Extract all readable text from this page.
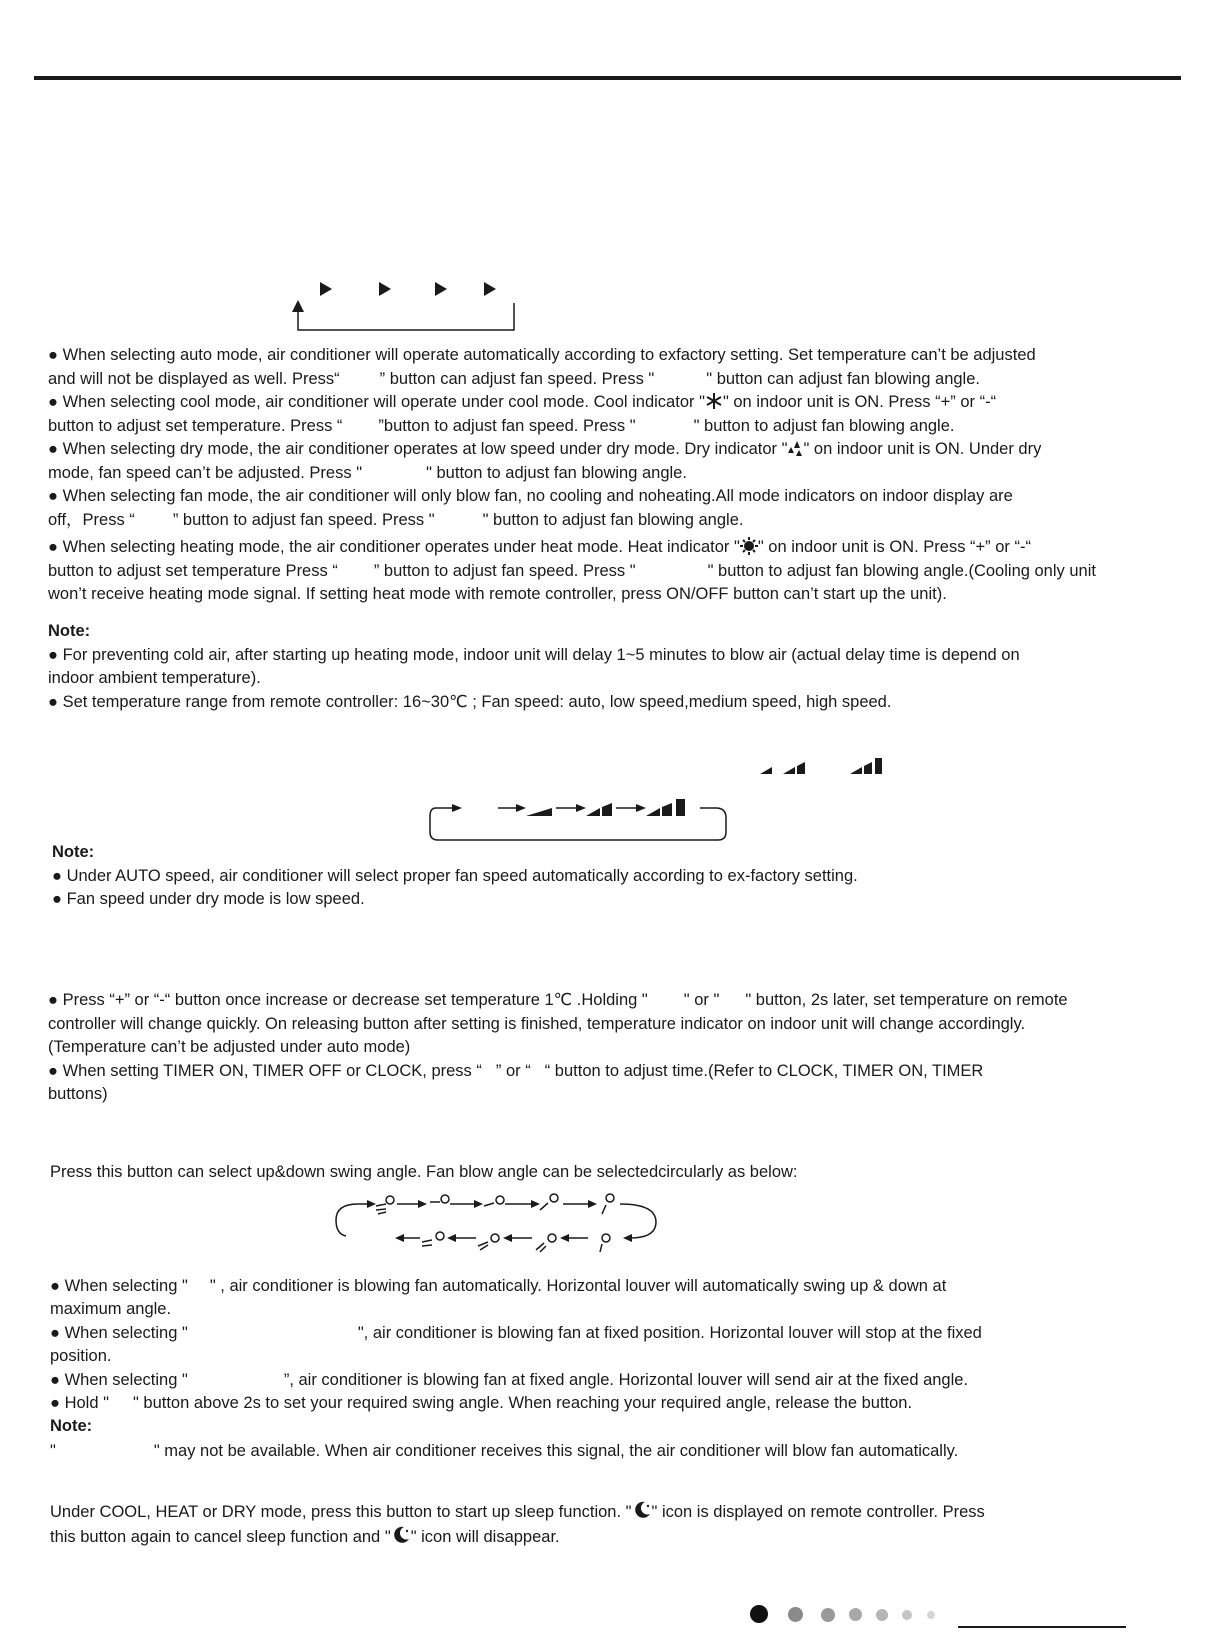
● When selecting auto mode, air conditioner will operate automatically according to exfactory setting. Set temperature can’t be adjusted
and will not be displayed as well. Press“ ” button can adjust fan speed. Press "	" button can adjust fan blowing angle.
● When selecting cool mode, air conditioner will operate under cool mode. Cool indicator " " on indoor unit is ON. Press “+” or “-“
button to adjust set temperature. Press “ ”button to adjust fan speed. Press "	" button to adjust fan blowing angle.
● When selecting dry mode, the air conditioner operates at low speed under dry mode. Dry indicator " " on indoor unit is ON. Under dry
mode, fan speed can’t be adjusted. Press "	" button to adjust fan blowing angle.
● When selecting fan mode, the air conditioner will only blow fan, no cooling and noheating.All mode indicators on indoor display are
off，Press “ ” button to adjust fan speed. Press "	" button to adjust fan blowing angle.
● When selecting heating mode, the air conditioner operates under heat mode. Heat indicator " " on indoor unit is ON. Press “+” or “-“
button to adjust set temperature Press “ ” button to adjust fan speed. Press "	" button to adjust fan blowing angle.(Cooling only unit
won’t receive heating mode signal. If setting heat mode with remote controller, press ON/OFF button can’t start up the unit).

Note:
● For preventing cold air, after starting up heating mode, indoor unit will delay 1~5 minutes to blow air (actual delay time is depend on
indoor ambient temperature).
● Set temperature range from remote controller: 16~30℃ ; Fan speed: auto, low speed,medium speed, high speed.

Note:
● Under AUTO speed, air conditioner will select proper fan speed automatically according to ex-factory setting.
● Fan speed under dry mode is low speed.

● Press “+” or “-“ button once increase or decrease set temperature 1℃ .Holding " " or " " button, 2s later, set temperature on remote
controller will change quickly. On releasing button after setting is finished, temperature indicator on indoor unit will change accordingly.
(Temperature can’t be adjusted under auto mode)
● When setting TIMER ON, TIMER OFF or CLOCK, press “ ” or “ “ button to adjust time.(Refer to CLOCK, TIMER ON, TIMER
buttons)

Press this button can select up&down swing angle. Fan blow angle can be selectedcircularly as below:

● When selecting " " , air conditioner is blowing fan automatically. Horizontal louver will automatically swing up & down at
maximum angle.
● When selecting "	", air conditioner is blowing fan at fixed position. Horizontal louver will stop at the fixed
position.
● When selecting "	”, air conditioner is blowing fan at fixed angle. Horizontal louver will send air at the fixed angle.
● Hold " " button above 2s to set your required swing angle. When reaching your required angle, release the button.
Note:
"	" may not be available. When air conditioner receives this signal, the air conditioner will blow fan automatically.

Under COOL, HEAT or DRY mode, press this button to start up sleep function. " " icon is displayed on remote controller. Press
this button again to cancel sleep function and " " icon will disappear.
